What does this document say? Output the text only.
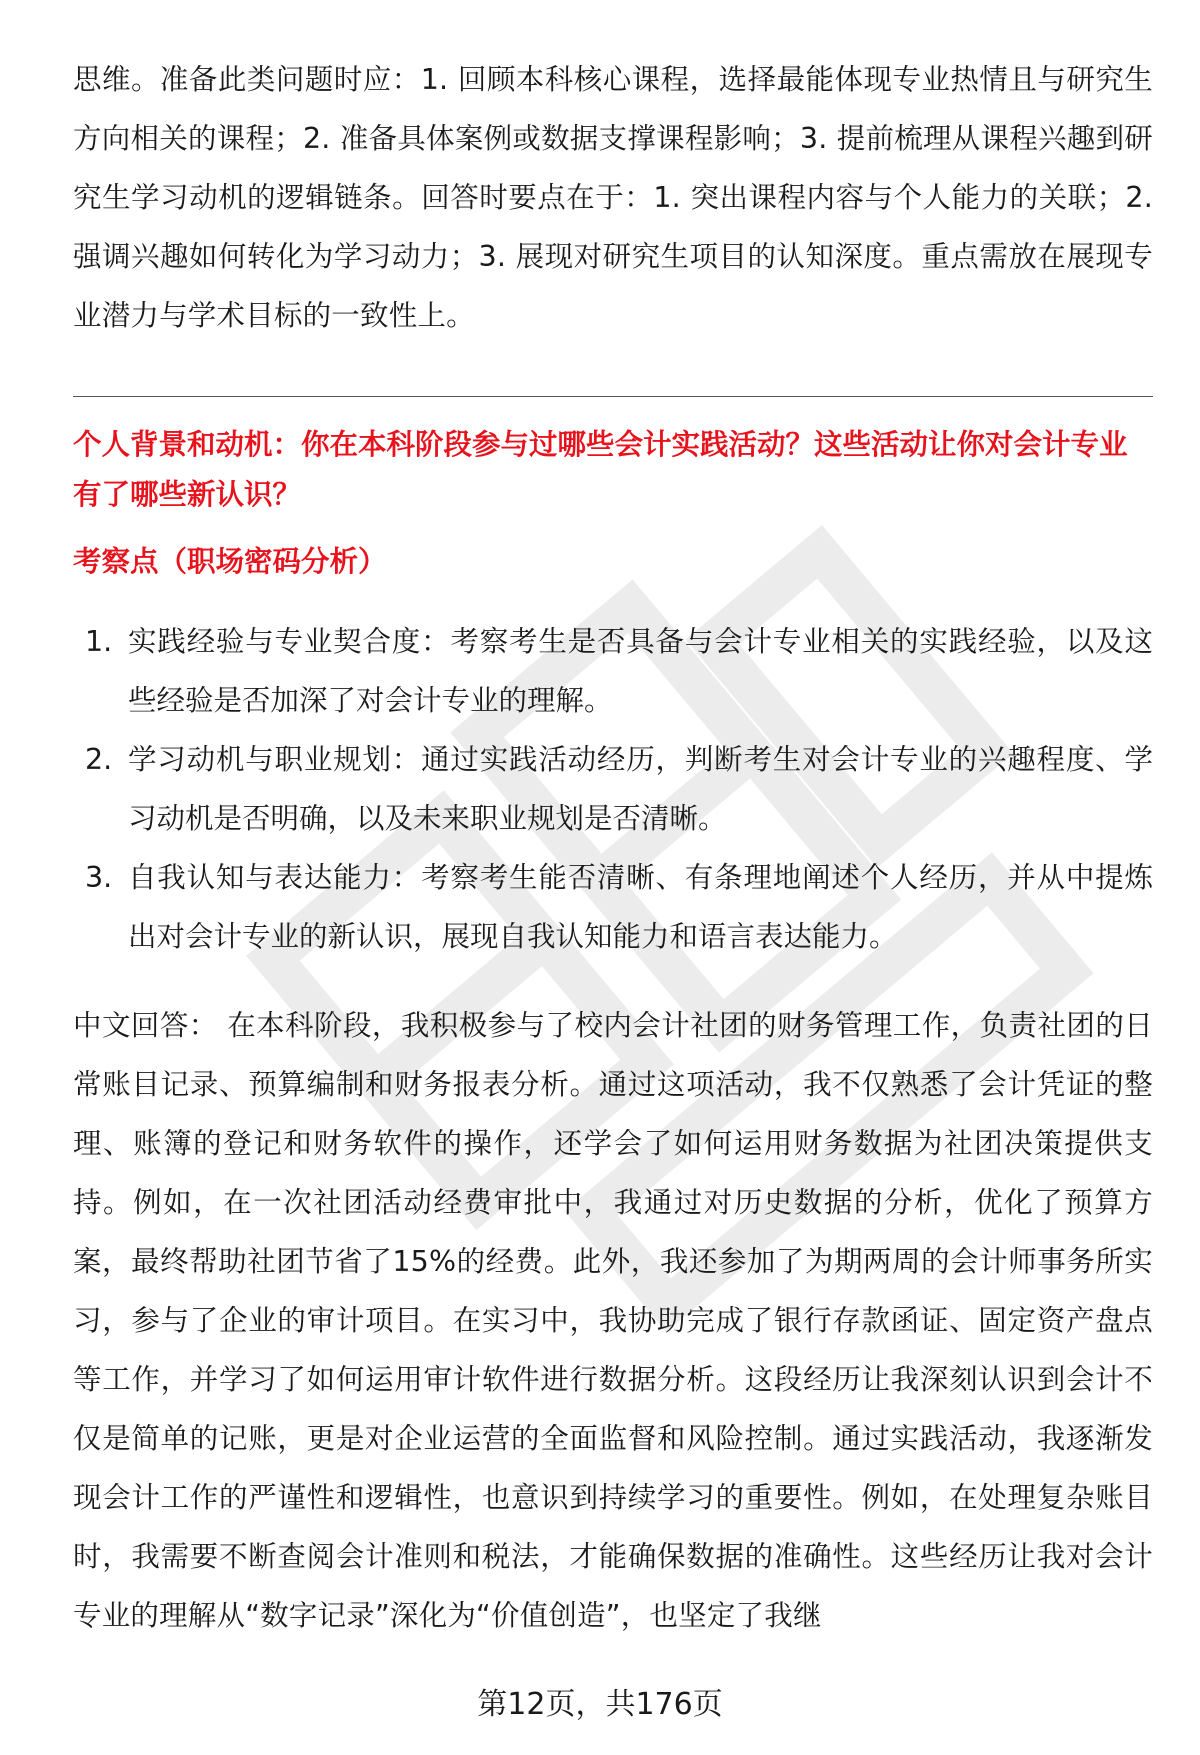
思维。准备此类问题时应：1. 回顾本科核心课程，选择最能体现专业热情且与研究生方向相关的课程；2. 准备具体案例或数据支撑课程影响；3. 提前梳理从课程兴趣到研究生学习动机的逻辑链条。回答时要点在于：1. 突出课程内容与个人能力的关联；2. 强调兴趣如何转化为学习动力；3. 展现对研究生项目的认知深度。重点需放在展现专业潜力与学术目标的一致性上。

个人背景和动机：你在本科阶段参与过哪些会计实践活动？这些活动让你对会计专业有了哪些新认识？

考察点（职场密码分析）

1. 实践经验与专业契合度：考察考生是否具备与会计专业相关的实践经验，以及这些经验是否加深了对会计专业的理解。
2. 学习动机与职业规划：通过实践活动经历，判断考生对会计专业的兴趣程度、学习动机是否明确，以及未来职业规划是否清晰。
3. 自我认知与表达能力：考察考生能否清晰、有条理地阐述个人经历，并从中提炼出对会计专业的新认识，展现自我认知能力和语言表达能力。

中文回答： 在本科阶段，我积极参与了校内会计社团的财务管理工作，负责社团的日常账目记录、预算编制和财务报表分析。通过这项活动，我不仅熟悉了会计凭证的整理、账簿的登记和财务软件的操作，还学会了如何运用财务数据为社团决策提供支持。例如，在一次社团活动经费审批中，我通过对历史数据的分析，优化了预算方案，最终帮助社团节省了15%的经费。此外，我还参加了为期两周的会计师事务所实习，参与了企业的审计项目。在实习中，我协助完成了银行存款函证、固定资产盘点等工作，并学习了如何运用审计软件进行数据分析。这段经历让我深刻认识到会计不仅是简单的记账，更是对企业运营的全面监督和风险控制。通过实践活动，我逐渐发现会计工作的严谨性和逻辑性，也意识到持续学习的重要性。例如，在处理复杂账目时，我需要不断查阅会计准则和税法，才能确保数据的准确性。这些经历让我对会计专业的理解从“数字记录”深化为“价值创造”，也坚定了我继

第12页，共176页
